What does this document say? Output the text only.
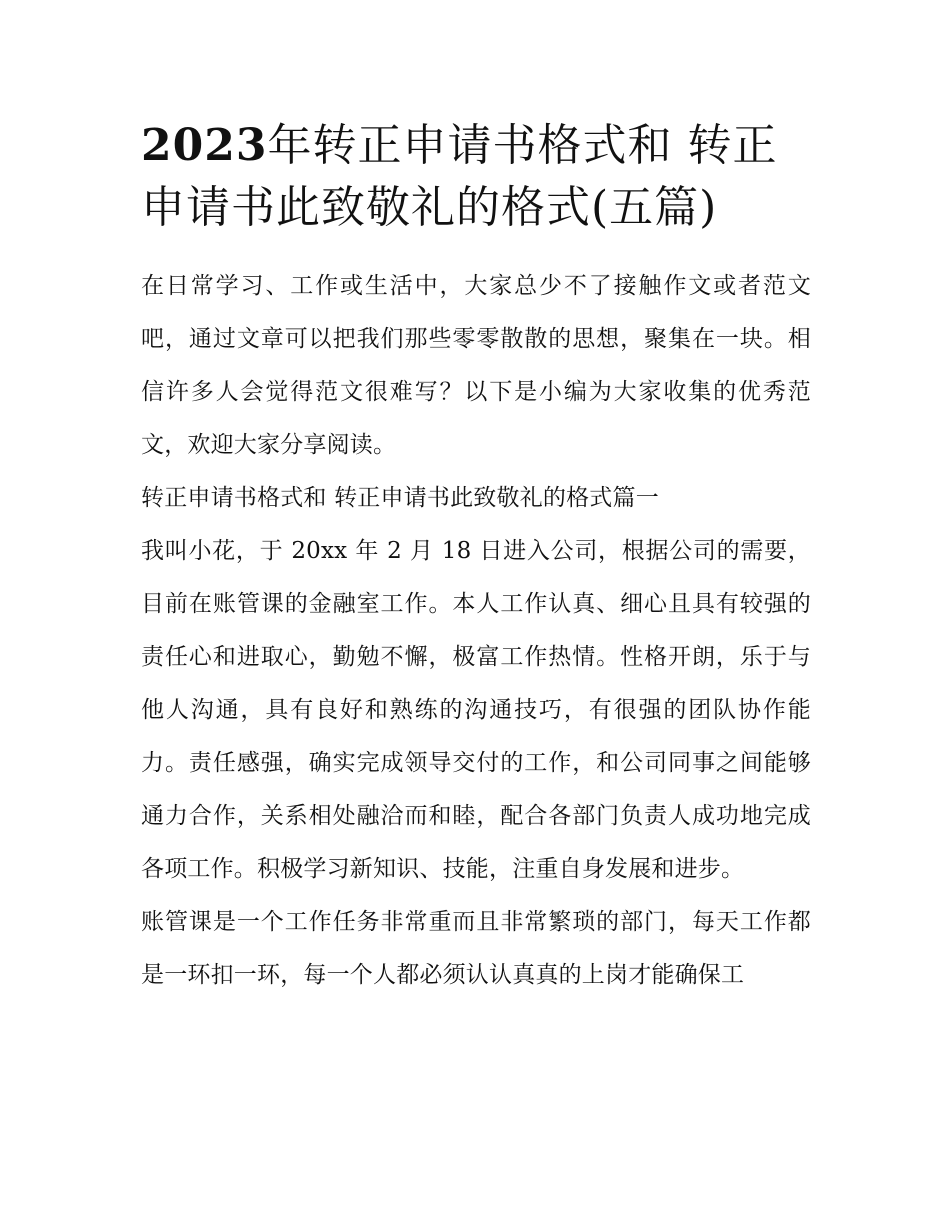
2023年转正申请书格式和 转正申请书此致敬礼的格式(五篇)

在日常学习、工作或生活中，大家总少不了接触作文或者范文吧，通过文章可以把我们那些零零散散的思想，聚集在一块。相信许多人会觉得范文很难写？以下是小编为大家收集的优秀范文，欢迎大家分享阅读。

转正申请书格式和 转正申请书此致敬礼的格式篇一

我叫小花，于 20xx 年 2 月 18 日进入公司，根据公司的需要，目前在账管课的金融室工作。本人工作认真、细心且具有较强的责任心和进取心，勤勉不懈，极富工作热情。性格开朗，乐于与他人沟通，具有良好和熟练的沟通技巧，有很强的团队协作能力。责任感强，确实完成领导交付的工作，和公司同事之间能够通力合作，关系相处融洽而和睦，配合各部门负责人成功地完成各项工作。积极学习新知识、技能，注重自身发展和进步。

账管课是一个工作任务非常重而且非常繁琐的部门，每天工作都是一环扣一环，每一个人都必须认认真真的上岗才能确保工
